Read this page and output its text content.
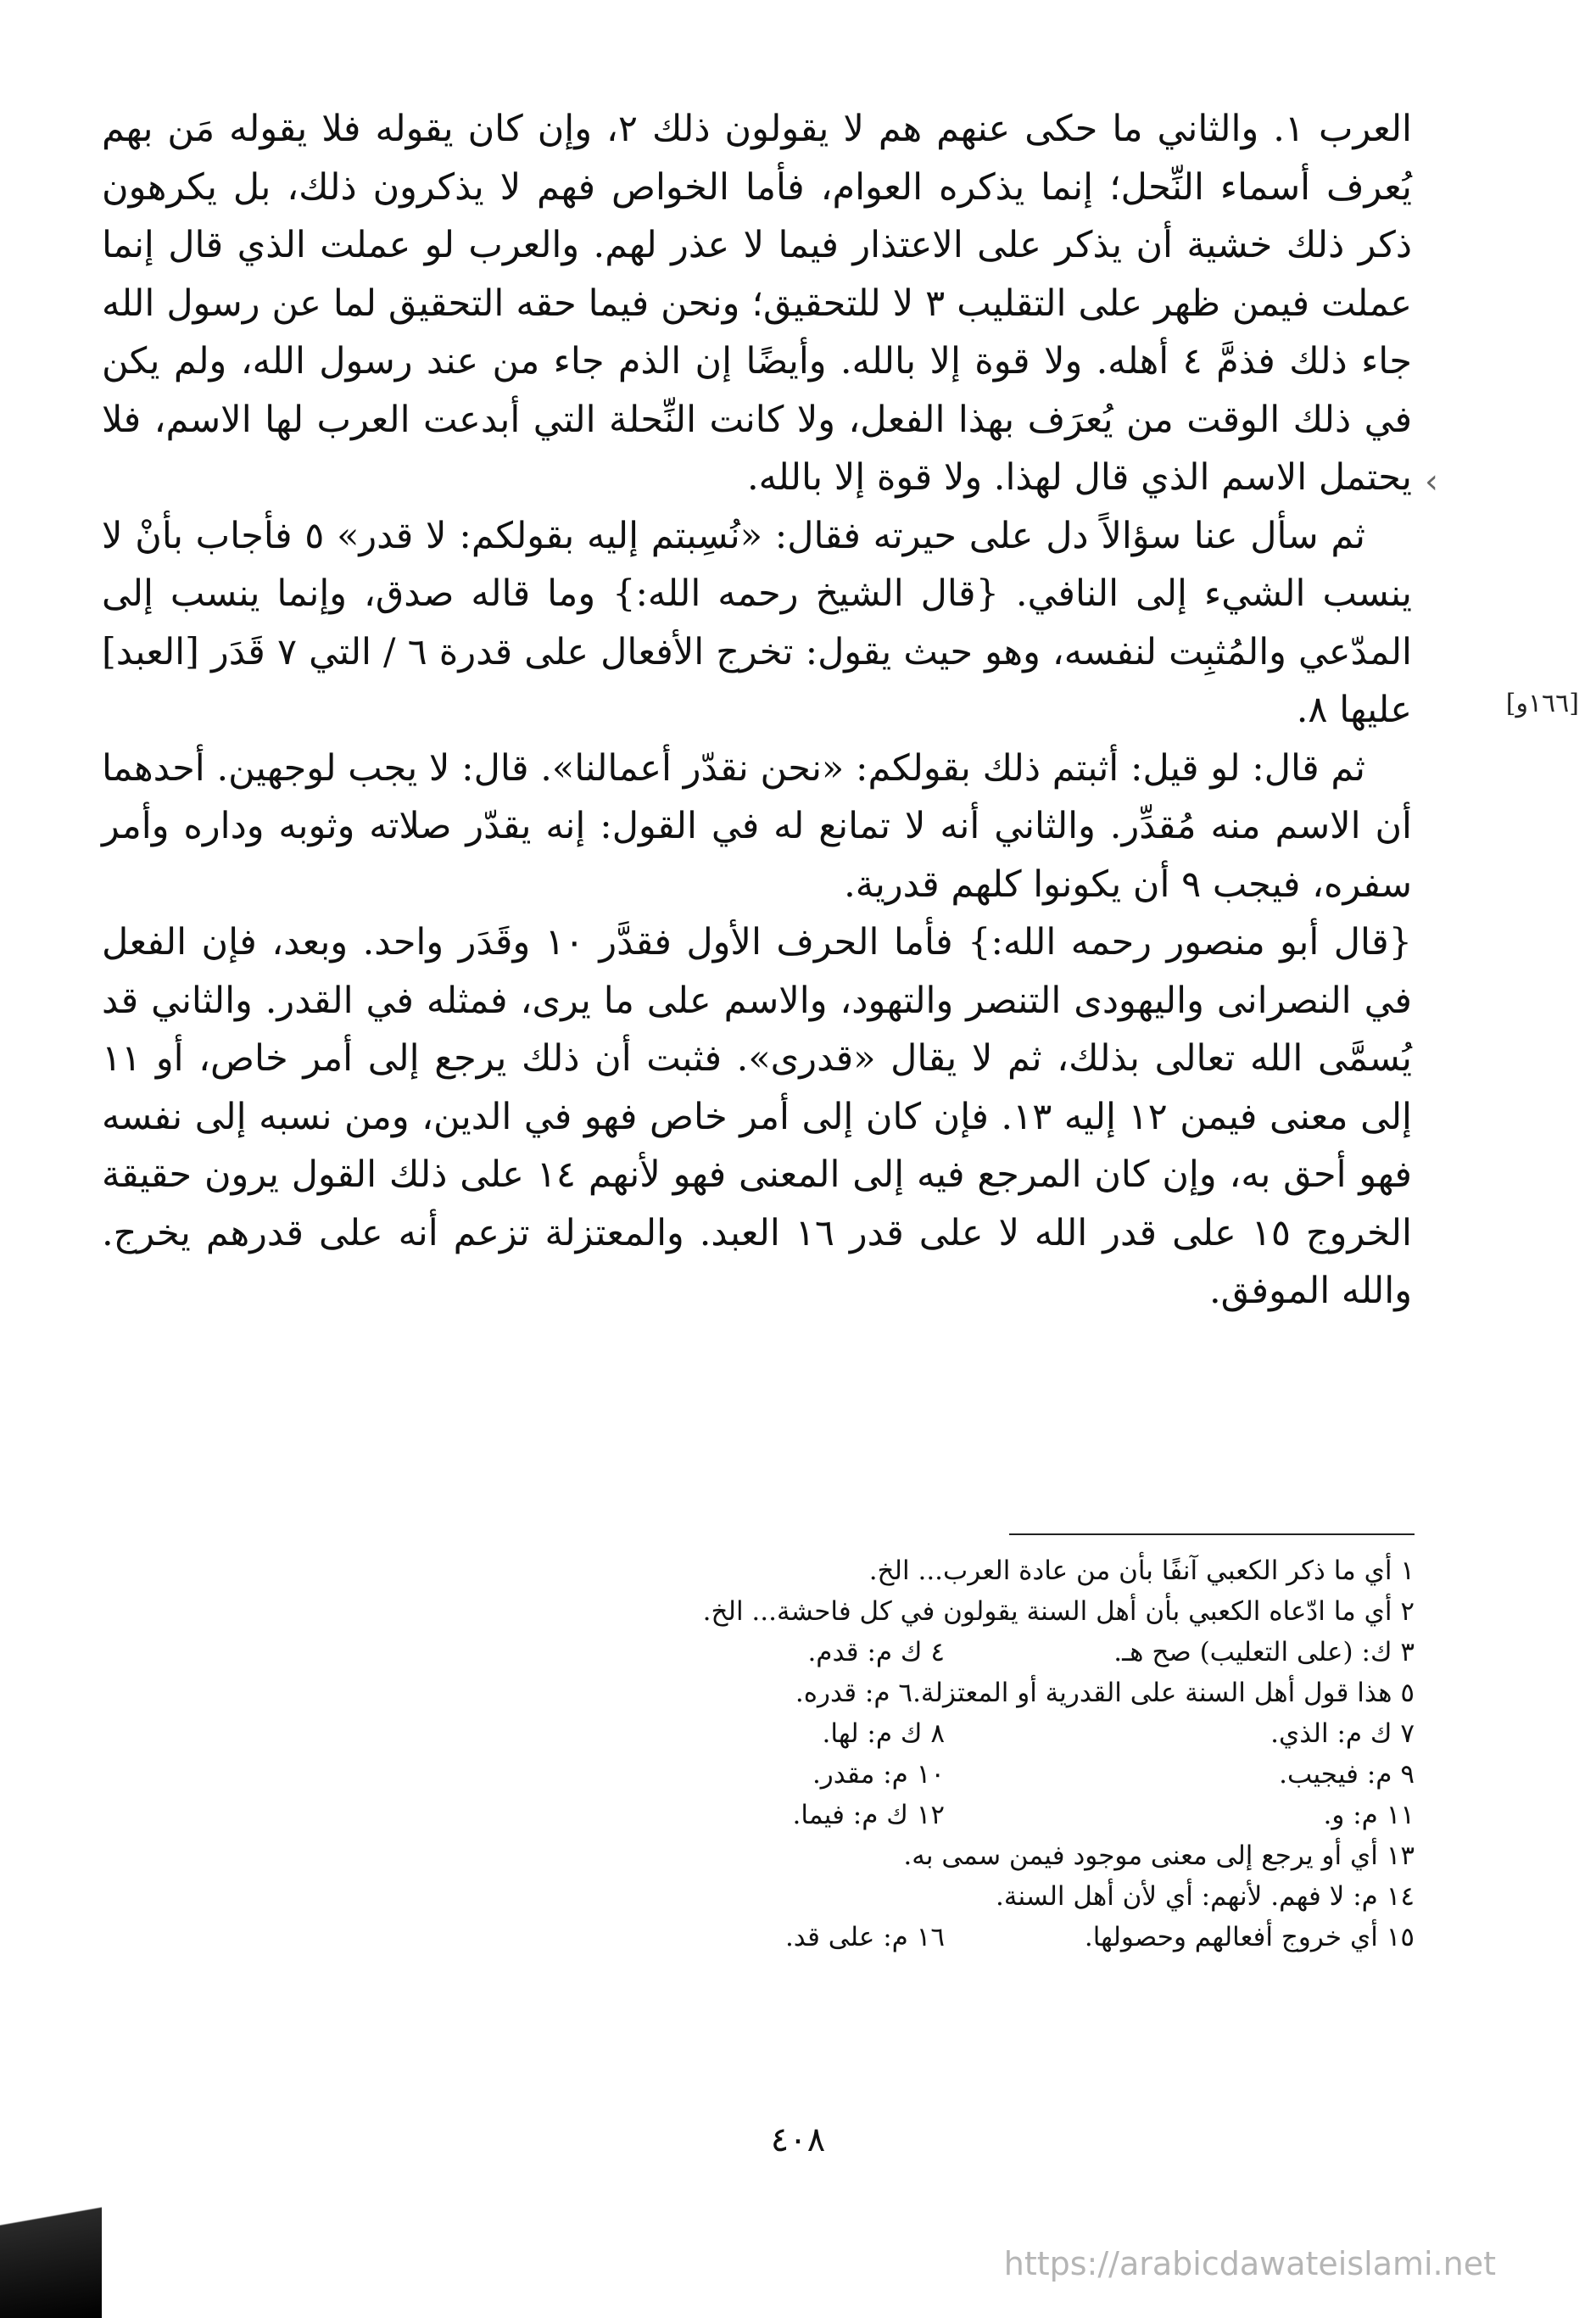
العرب ١. والثاني ما حكى عنهم هم لا يقولون ذلك ٢، وإن كان يقوله فلا يقوله مَن بهم يُعرف أسماء النِّحل؛ إنما يذكره العوام، فأما الخواص فهم لا يذكرون ذلك، بل يكرهون ذكر ذلك خشية أن يذكر على الاعتذار فيما لا عذر لهم. والعرب لو عملت الذي قال إنما عملت فيمن ظهر على التقليب ٣ لا للتحقيق؛ ونحن فيما حقه التحقيق لما عن رسول الله جاء ذلك فذمَّ ٤ أهله. ولا قوة إلا بالله. وأيضًا إن الذم جاء من عند رسول الله، ولم يكن في ذلك الوقت من يُعرَف بهذا الفعل، ولا كانت النِّحلة التي أبدعت العرب لها الاسم، فلا يحتمل الاسم الذي قال لهذا. ولا قوة إلا بالله.

ثم سأل عنا سؤالاً دل على حيرته فقال: «نُسِبتم إليه بقولكم: لا قدر» ٥ فأجاب بأنْ لا ينسب الشيء إلى النافي. {قال الشيخ رحمه الله:} وما قاله صدق، وإنما ينسب إلى المدّعي والمُثبِت لنفسه، وهو حيث يقول: تخرج الأفعال على قدرة ٦ / التي ٧ قَدَر [العبد] عليها ٨.

ثم قال: لو قيل: أثبتم ذلك بقولكم: «نحن نقدّر أعمالنا». قال: لا يجب لوجهين. أحدهما أن الاسم منه مُقدِّر. والثاني أنه لا تمانع له في القول: إنه يقدّر صلاته وثوبه وداره وأمر سفره، فيجب ٩ أن يكونوا كلهم قدرية.

{قال أبو منصور رحمه الله:} فأما الحرف الأول فقدَّر ١٠ وقَدَر واحد. وبعد، فإن الفعل في النصرانى واليهودى التنصر والتهود، والاسم على ما يرى، فمثله في القدر. والثاني قد يُسمَّى الله تعالى بذلك، ثم لا يقال «قدرى». فثبت أن ذلك يرجع إلى أمر خاص، أو ١١ إلى معنى فيمن ١٢ إليه ١٣. فإن كان إلى أمر خاص فهو في الدين، ومن نسبه إلى نفسه فهو أحق به، وإن كان المرجع فيه إلى المعنى فهو لأنهم ١٤ على ذلك القول يرون حقيقة الخروج ١٥ على قدر الله لا على قدر ١٦ العبد. والمعتزلة تزعم أنه على قدرهم يخرج. والله الموفق.

‹
[١٦٦و]
١ أي ما ذكر الكعبي آنفًا بأن من عادة العرب... الخ.
٢ أي ما ادّعاه الكعبي بأن أهل السنة يقولون في كل فاحشة... الخ.
٣ ك: (على التعليب) صح هـ.
٤ ك م: قدم.
٥ هذا قول أهل السنة على القدرية أو المعتزلة.
٦ م: قدره.
٧ ك م: الذي.
٨ ك م: لها.
٩ م: فيجيب.
١٠ م: مقدر.
١١ م: و.
١٢ ك م: فيما.
١٣ أي أو يرجع إلى معنى موجود فيمن سمى به.
١٤ م: لا فهم. لأنهم: أي لأن أهل السنة.
١٥ أي خروج أفعالهم وحصولها.
١٦ م: على قد.
٤٠٨
https://arabicdawateislami.net
